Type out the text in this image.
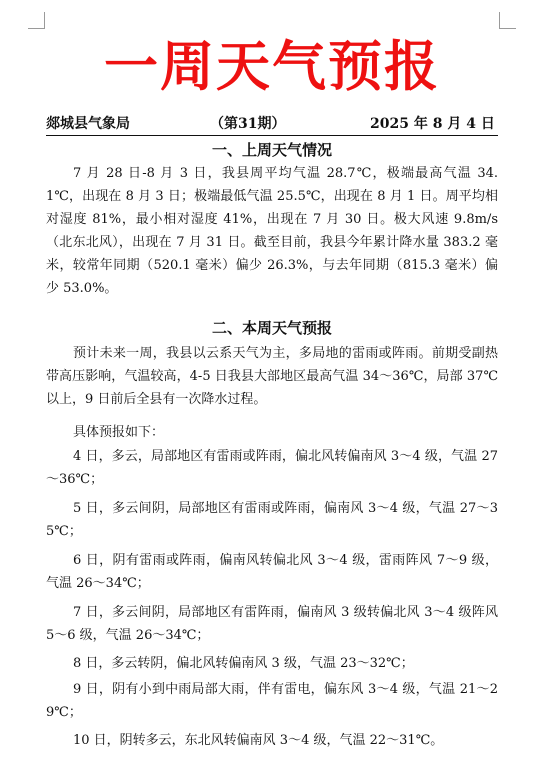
一周天气预报
郯城县气象局	（第31期）	2025 年 8 月 4 日
一、上周天气情况
7 月 28 日-8 月 3 日，我县周平均气温 28.7℃，极端最高气温 34.1℃，出现在 8 月 3 日；极端最低气温 25.5℃，出现在 8 月 1 日。周平均相对湿度 81%，最小相对湿度 41%，出现在 7 月 30 日。极大风速 9.8m/s（北东北风），出现在 7 月 31 日。截至目前，我县今年累计降水量 383.2 毫米，较常年同期（520.1 毫米）偏少 26.3%，与去年同期（815.3 毫米）偏少 53.0%。
二、本周天气预报
预计未来一周，我县以云系天气为主，多局地的雷雨或阵雨。前期受副热带高压影响，气温较高，4-5 日我县大部地区最高气温 34～36℃，局部 37℃以上，9 日前后全县有一次降水过程。
具体预报如下：
4 日，多云，局部地区有雷雨或阵雨，偏北风转偏南风 3～4 级，气温 27～36℃；
5 日，多云间阴，局部地区有雷雨或阵雨，偏南风 3～4 级，气温 27～35℃；
6 日，阴有雷雨或阵雨，偏南风转偏北风 3～4 级，雷雨阵风 7～9 级，气温 26～34℃；
7 日，多云间阴，局部地区有雷阵雨，偏南风 3 级转偏北风 3～4 级阵风 5～6 级，气温 26～34℃；
8 日，多云转阴，偏北风转偏南风 3 级，气温 23～32℃；
9 日，阴有小到中雨局部大雨，伴有雷电，偏东风 3～4 级，气温 21～29℃；
10 日，阴转多云，东北风转偏南风 3～4 级，气温 22～31℃。
